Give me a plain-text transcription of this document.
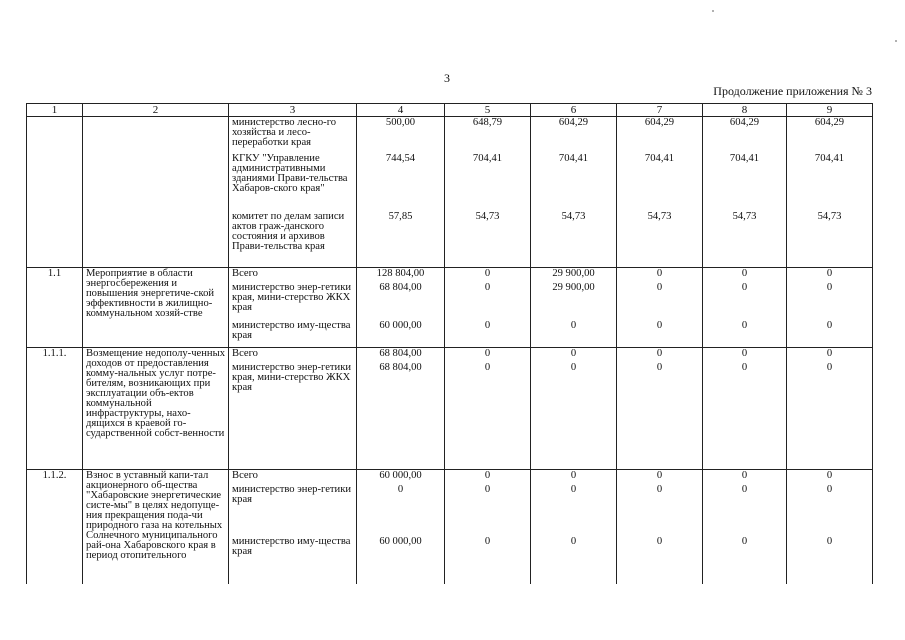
3
Продолжение приложения № 3
1	2	3	4	5	6	7	8	9
		министерство лесно-го хозяйства и лесо-переработки края	500,00	648,79	604,29	604,29	604,29	604,29
		КГКУ "Управление административными зданиями Прави-тельства Хабаров-ского края"	744,54	704,41	704,41	704,41	704,41	704,41
		комитет по делам записи актов граж-данского состояния и архивов Прави-тельства края	57,85	54,73	54,73	54,73	54,73	54,73
1.1	Мероприятие в области энергосбережения и повышения энергетиче-ской эффективности в жилищно-коммунальном хозяй-стве	Всего	128 804,00	0	29 900,00	0	0	0
		министерство энер-гетики края, мини-стерство ЖКХ края	68 804,00	0	29 900,00	0	0	0
		министерство иму-щества края	60 000,00	0	0	0	0	0
1.1.1.	Возмещение недополу-ченных доходов от предоставления комму-нальных услуг потре-бителям, возникающих при эксплуатации объ-ектов коммунальной инфраструктуры, нахо-дящихся в краевой го-сударственной собст-венности	Всего	68 804,00	0	0	0	0	0
		министерство энер-гетики края, мини-стерство ЖКХ края	68 804,00	0	0	0	0	0
1.1.2.	Взнос в уставный капи-тал акционерного об-щества "Хабаровские энергетические систе-мы" в целях недопуще-ния прекращения пода-чи природного газа на котельных Солнечного муниципального рай-она Хабаровского края в период отопительного	Всего	60 000,00	0	0	0	0	0
		министерство энер-гетики края	0	0	0	0	0	0
		министерство иму-щества края	60 000,00	0	0	0	0	0
